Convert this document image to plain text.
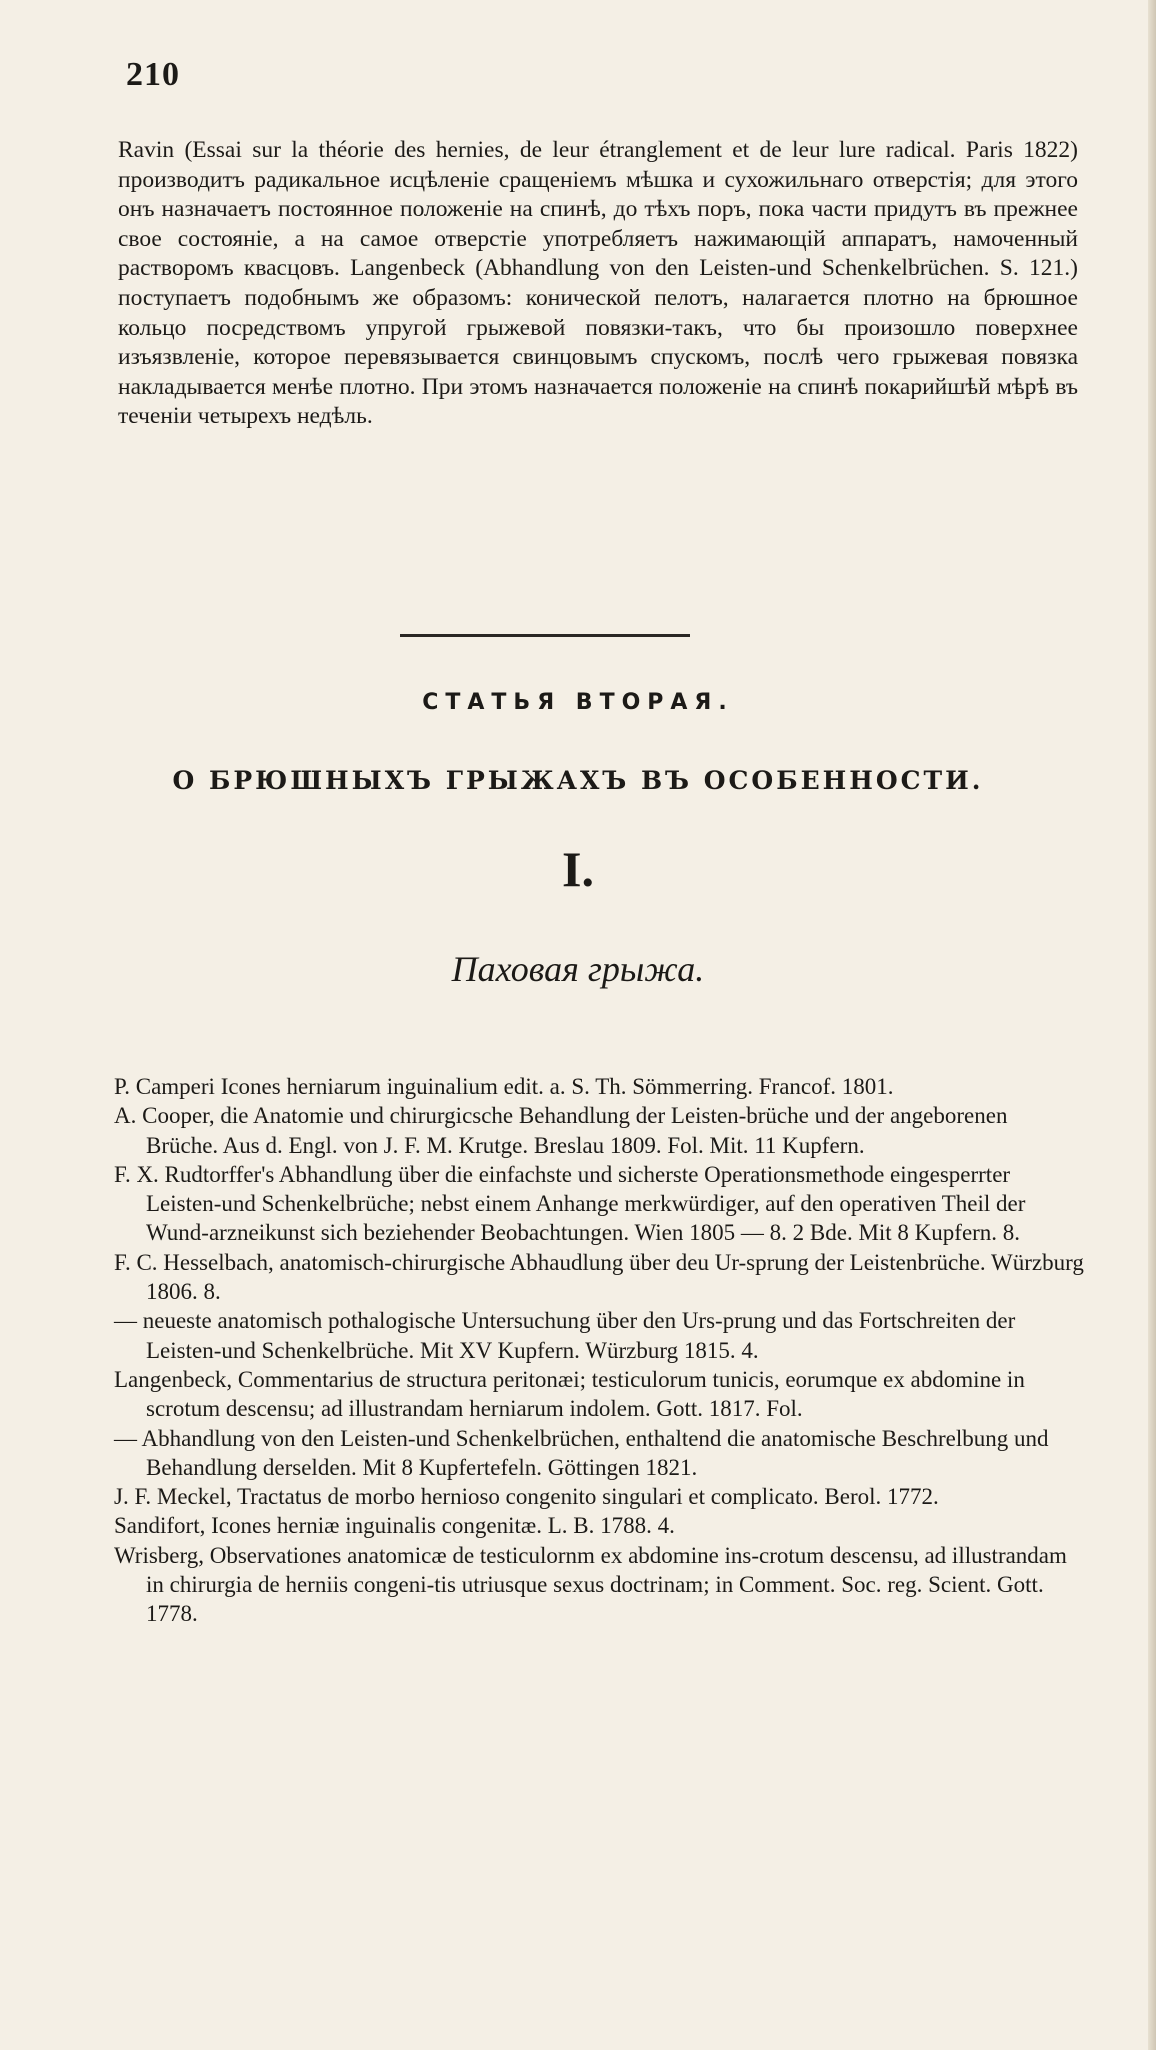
210

Ravin (Essai sur la théorie des hernies, de leur étranglement et de leur lure radical. Paris 1822) производитъ радикальное исцѣленіе сращеніемъ мѣшка и сухожильнаго отверстія; для этого онъ назначаетъ постоянное положеніе на спинѣ, до тѣхъ поръ, пока части придутъ въ прежнее свое состояніе, а на самое отверстіе употребляетъ нажимающій аппаратъ, намоченный растворомъ квасцовъ. Langenbeck (Abhandlung von den Leisten-und Schenkelbrüchen. S. 121.) поступаетъ подобнымъ же образомъ: конической пелотъ, налагается плотно на брюшное кольцо посредствомъ упругой грыжевой повязки-такъ, что бы произошло поверхнее изъязвленіе, которое перевязывается свинцовымъ спускомъ, послѣ чего грыжевая повязка накладывается менѣе плотно. При этомъ назначается положеніе на спинѣ покарийшѣй мѣрѣ въ теченіи четырехъ недѣль.

СТАТЬЯ ВТОРАЯ.
О БРЮШНЫХЪ ГРЫЖАХЪ ВЪ ОСОБЕННОСТИ.
I.
Паховая грыжа.

P. Camperi Icones herniarum inguinalium edit. a. S. Th. Sömmerring. Francof. 1801.

A. Cooper, die Anatomie und chirurgicsche Behandlung der Leisten-brüche und der angeborenen Brüche. Aus d. Engl. von J. F. M. Krutge. Breslau 1809. Fol. Mit. 11 Kupfern.

F. X. Rudtorffer's Abhandlung über die einfachste und sicherste Operationsmethode eingesperrter Leisten-und Schenkelbrüche; nebst einem Anhange merkwürdiger, auf den operativen Theil der Wund-arzneikunst sich beziehender Beobachtungen. Wien 1805 — 8. 2 Bde. Mit 8 Kupfern. 8.

F. C. Hesselbach, anatomisch-chirurgische Abhaudlung über deu Ur-sprung der Leistenbrüche. Würzburg 1806. 8.

— neueste anatomisch pothalogische Untersuchung über den Urs-prung und das Fortschreiten der Leisten-und Schenkelbrüche. Mit XV Kupfern. Würzburg 1815. 4.

Langenbeck, Commentarius de structura peritonæi; testiculorum tunicis, eorumque ex abdomine in scrotum descensu; ad illustrandam herniarum indolem. Gott. 1817. Fol.

— Abhandlung von den Leisten-und Schenkelbrüchen, enthaltend die anatomische Beschrelbung und Behandlung derselden. Mit 8 Kupfertefeln. Göttingen 1821.

J. F. Meckel, Tractatus de morbo hernioso congenito singulari et complicato. Berol. 1772.

Sandifort, Icones herniæ inguinalis congenitæ. L. B. 1788. 4.

Wrisberg, Observationes anatomicæ de testiculornm ex abdomine ins-crotum descensu, ad illustrandam in chirurgia de herniis congeni-tis utriusque sexus doctrinam; in Comment. Soc. reg. Scient. Gott. 1778.
